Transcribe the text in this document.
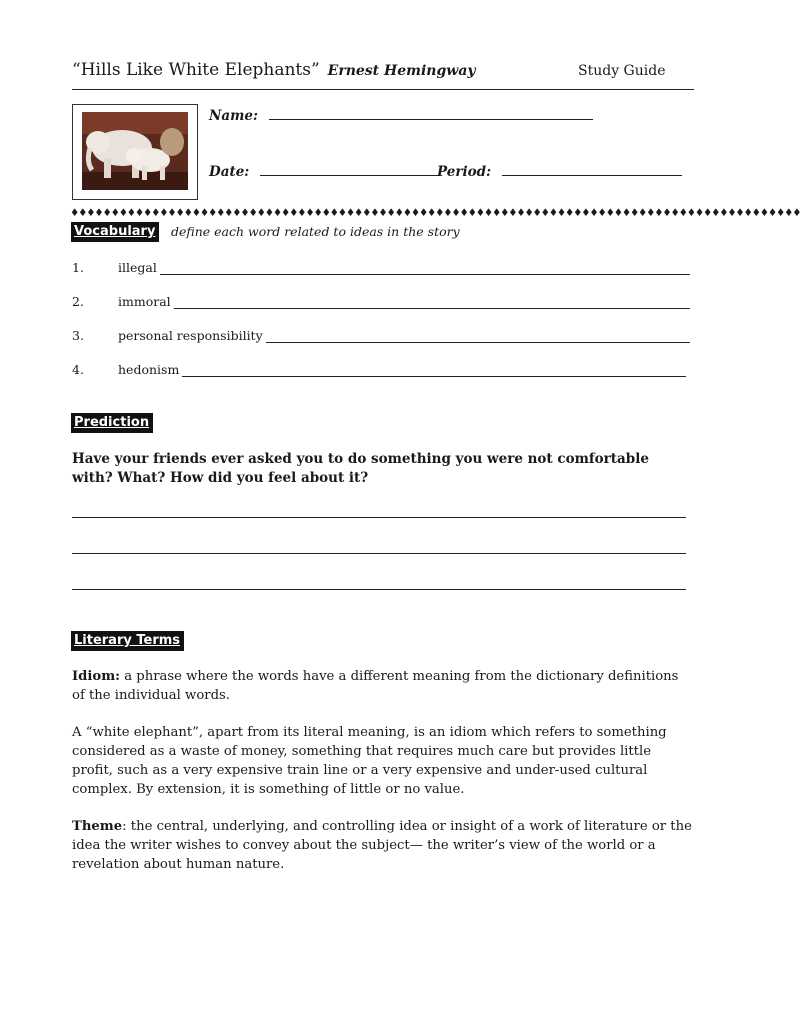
“Hills Like White Elephants” Ernest Hemingway	Study Guide
Name:
Date:	Period:
♦♦♦♦♦♦♦♦♦♦♦♦♦♦♦♦♦♦♦♦♦♦♦♦♦♦♦♦♦♦♦♦♦♦♦♦♦♦♦♦♦♦♦♦♦♦♦♦♦♦♦♦♦♦♦♦♦♦♦♦♦♦♦♦♦♦♦♦♦♦♦♦♦♦♦♦♦♦♦♦♦♦♦♦♦♦♦♦♦♦
Vocabulary	define each word related to ideas in the story
1.	illegal
2.	immoral
3.	personal responsibility
4.	hedonism
Prediction
Have your friends ever asked you to do something you were not comfortable with? What? How did you feel about it?
Literary Terms
Idiom: a phrase where the words have a different meaning from the dictionary definitions of the individual words.
A “white elephant”, apart from its literal meaning, is an idiom which refers to something considered as a waste of money, something that requires much care but provides little profit, such as a very expensive train line or a very expensive and under-used cultural complex. By extension, it is something of little or no value.
Theme: the central, underlying, and controlling idea or insight of a work of literature or the idea the writer wishes to convey about the subject— the writer’s view of the world or a revelation about human nature.
